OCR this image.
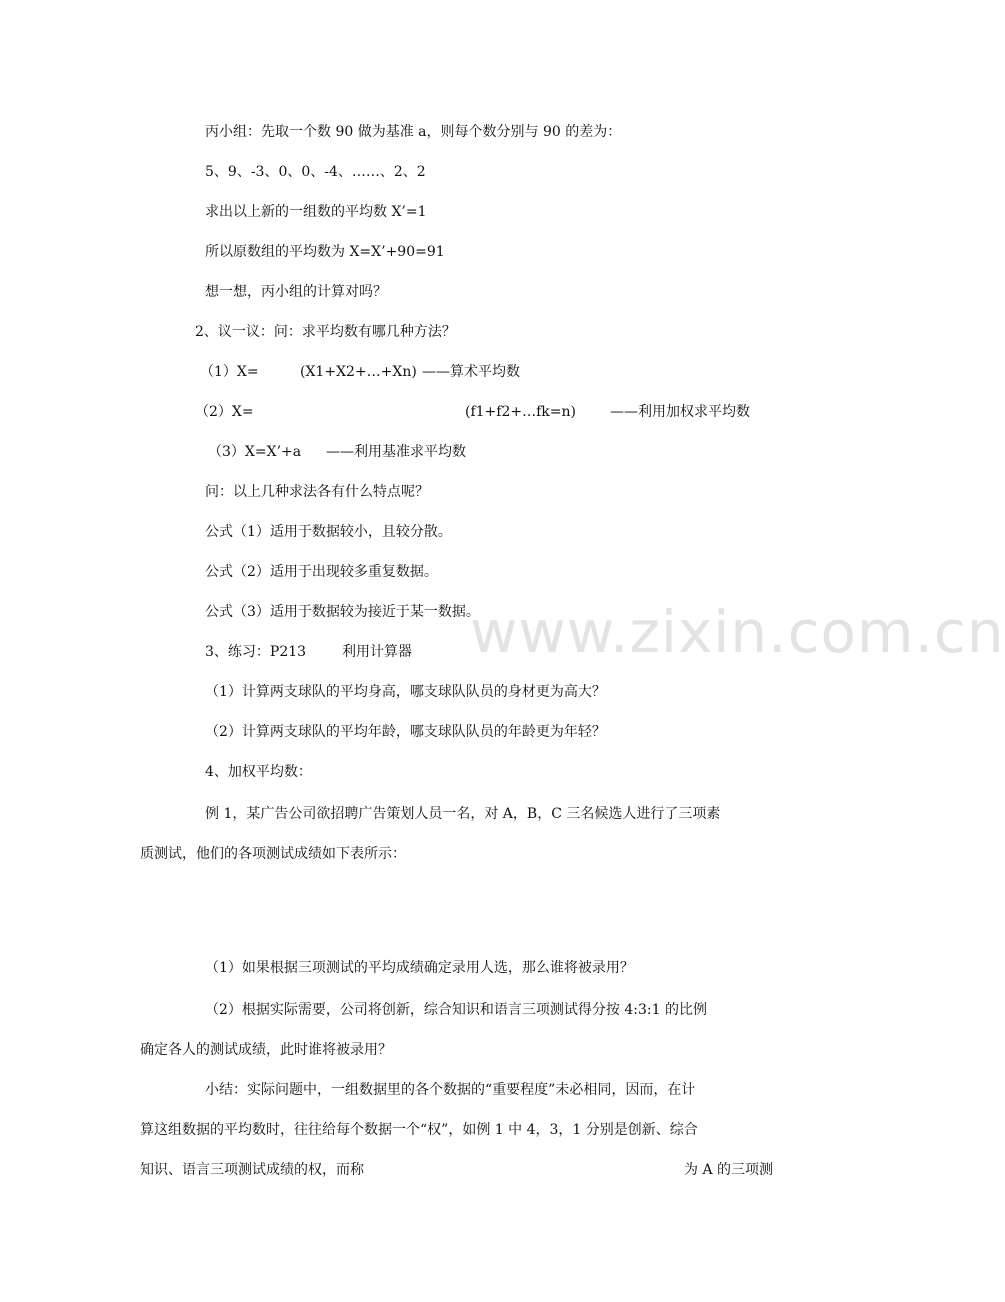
www.zixin.com.cn
丙小组：先取一个数 90 做为基准 a，则每个数分别与 90 的差为：
5、9、-3、0、0、-4、……、2、2
求出以上新的一组数的平均数 X’=1
所以原数组的平均数为 X=X’+90=91
想一想，丙小组的计算对吗？
2、议一议：问：求平均数有哪几种方法？
（1）X=	(X1+X2+…+Xn) ——算术平均数
（2）X=	(f1+f2+…fk=n) ——利用加权求平均数
（3）X=X’+a ——利用基准求平均数
问：以上几种求法各有什么特点呢？
公式（1）适用于数据较小，且较分散。
公式（2）适用于出现较多重复数据。
公式（3）适用于数据较为接近于某一数据。
3、练习：P213	利用计算器
（1）计算两支球队的平均身高，哪支球队队员的身材更为高大？
（2）计算两支球队的平均年龄，哪支球队队员的年龄更为年轻？
4、加权平均数：
例 1，某广告公司欲招聘广告策划人员一名，对 A，B，C 三名候选人进行了三项素
质测试，他们的各项测试成绩如下表所示：
（1）如果根据三项测试的平均成绩确定录用人选，那么谁将被录用？
（2）根据实际需要，公司将创新，综合知识和语言三项测试得分按 4:3:1 的比例
确定各人的测试成绩，此时谁将被录用？
小结：实际问题中，一组数据里的各个数据的“重要程度”未必相同，因而，在计
算这组数据的平均数时，往往给每个数据一个“权”，如例 1 中 4，3，1 分别是创新、综合
知识、语言三项测试成绩的权，而称	为 A 的三项测
